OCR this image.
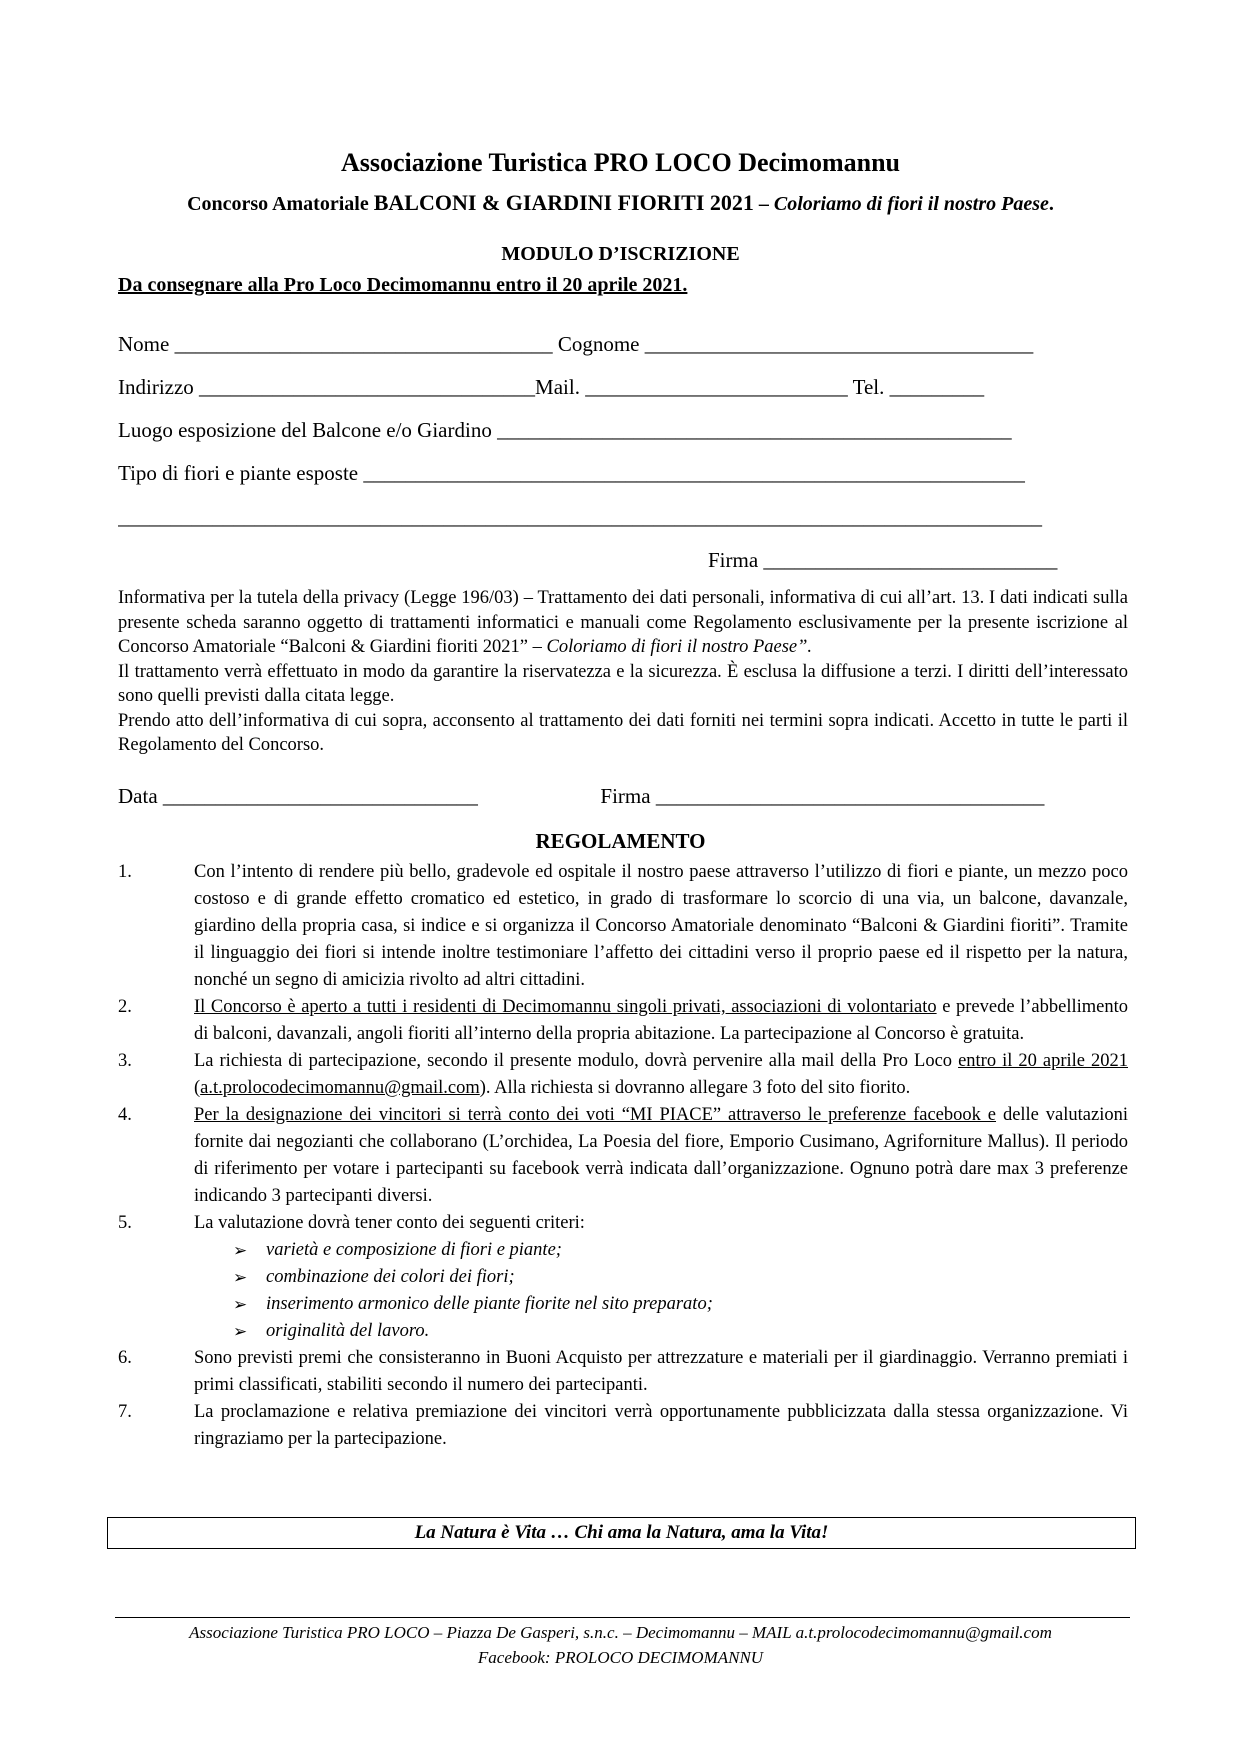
Associazione Turistica PRO LOCO Decimomannu
Concorso Amatoriale BALCONI & GIARDINI FIORITI 2021 – Coloriamo di fiori il nostro Paese.
MODULO D’ISCRIZIONE
Da consegnare alla Pro Loco Decimomannu entro il 20 aprile 2021.
Nome ____________________________________ Cognome _____________________________________
Indirizzo ________________________________Mail. _________________________ Tel. _________
Luogo esposizione del Balcone e/o Giardino _________________________________________________
Tipo di fiori e piante esposte _______________________________________________________________
________________________________________________________________________________________
Firma ____________________________

Informativa per la tutela della privacy (Legge 196/03) – Trattamento dei dati personali, informativa di cui all’art. 13. I dati indicati sulla presente scheda saranno oggetto di trattamenti informatici e manuali come Regolamento esclusivamente per la presente iscrizione al Concorso Amatoriale “Balconi & Giardini fioriti 2021” – Coloriamo di fiori il nostro Paese”.

Il trattamento verrà effettuato in modo da garantire la riservatezza e la sicurezza. È esclusa la diffusione a terzi. I diritti dell’interessato sono quelli previsti dalla citata legge.

Prendo atto dell’informativa di cui sopra, acconsento al trattamento dei dati forniti nei termini sopra indicati. Accetto in tutte le parti il Regolamento del Concorso.

Data ______________________________	Firma _____________________________________
REGOLAMENTO
1.	Con l’intento di rendere più bello, gradevole ed ospitale il nostro paese attraverso l’utilizzo di fiori e piante, un mezzo poco costoso e di grande effetto cromatico ed estetico, in grado di trasformare lo scorcio di una via, un balcone, davanzale, giardino della propria casa, si indice e si organizza il Concorso Amatoriale denominato “Balconi & Giardini fioriti”. Tramite il linguaggio dei fiori si intende inoltre testimoniare l’affetto dei cittadini verso il proprio paese ed il rispetto per la natura, nonché un segno di amicizia rivolto ad altri cittadini.
2.	Il Concorso è aperto a tutti i residenti di Decimomannu singoli privati, associazioni di volontariato e prevede l’abbellimento di balconi, davanzali, angoli fioriti all’interno della propria abitazione. La partecipazione al Concorso è gratuita.
3.	La richiesta di partecipazione, secondo il presente modulo, dovrà pervenire alla mail della Pro Loco entro il 20 aprile 2021 (a.t.prolocodecimomannu@gmail.com). Alla richiesta si dovranno allegare 3 foto del sito fiorito.
4.	Per la designazione dei vincitori si terrà conto dei voti “MI PIACE” attraverso le preferenze facebook e delle valutazioni fornite dai negozianti che collaborano (L’orchidea, La Poesia del fiore, Emporio Cusimano, Agriforniture Mallus). Il periodo di riferimento per votare i partecipanti su facebook verrà indicata dall’organizzazione. Ognuno potrà dare max 3 preferenze indicando 3 partecipanti diversi.
5.	La valutazione dovrà tener conto dei seguenti criteri:
➢	varietà e composizione di fiori e piante;
➢	combinazione dei colori dei fiori;
➢	inserimento armonico delle piante fiorite nel sito preparato;
➢	originalità del lavoro.
6.	Sono previsti premi che consisteranno in Buoni Acquisto per attrezzature e materiali per il giardinaggio. Verranno premiati i primi classificati, stabiliti secondo il numero dei partecipanti.
7.	La proclamazione e relativa premiazione dei vincitori verrà opportunamente pubblicizzata dalla stessa organizzazione. Vi ringraziamo per la partecipazione.
La Natura è Vita … Chi ama la Natura, ama la Vita!
Associazione Turistica PRO LOCO – Piazza De Gasperi, s.n.c. – Decimomannu – MAIL a.t.prolocodecimomannu@gmail.com
Facebook: PROLOCO DECIMOMANNU
